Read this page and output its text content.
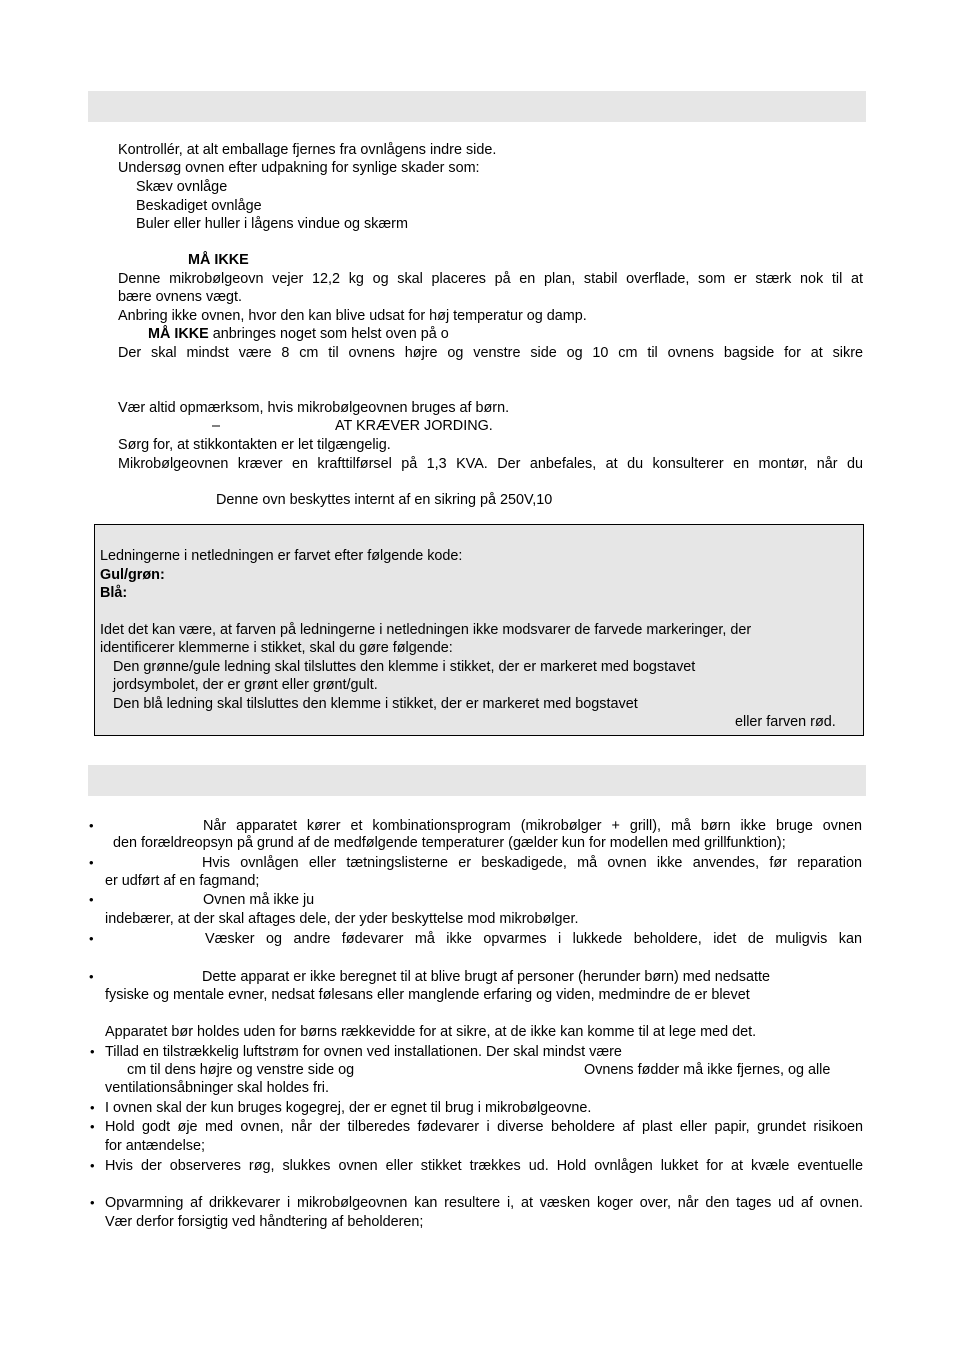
Kontrollér, at alt emballage fjernes fra ovnlågens indre side.
Undersøg ovnen efter udpakning for synlige skader som:
Skæv ovnlåge
Beskadiget ovnlåge
Buler eller huller i lågens vindue og skærm
MÅ IKKE
Denne mikrobølgeovn vejer 12,2 kg og skal placeres på en plan, stabil overflade, som er stærk nok til at
bære ovnens vægt.
Anbring ikke ovnen, hvor den kan blive udsat for høj temperatur og damp.
MÅ IKKE anbringes noget som helst oven på o
Der skal mindst være 8 cm til ovnens højre og venstre side og 10 cm til ovnens bagside for at sikre
Vær altid opmærksom, hvis mikrobølgeovnen bruges af børn.
–	AT KRÆVER JORDING.
Sørg for, at stikkontakten er let tilgængelig.
Mikrobølgeovnen kræver en krafttilførsel på 1,3 KVA. Der anbefales, at du konsulterer en montør, når du
Denne ovn beskyttes internt af en sikring på 250V,10
Ledningerne i netledningen er farvet efter følgende kode:
Gul/grøn:
Blå:
Idet det kan være, at farven på ledningerne i netledningen ikke modsvarer de farvede markeringer, der
identificerer klemmerne i stikket, skal du gøre følgende:
Den grønne/gule ledning skal tilsluttes den klemme i stikket, der er markeret med bogstavet
jordsymbolet, der er grønt eller grønt/gult.
Den blå ledning skal tilsluttes den klemme i stikket, der er markeret med bogstavet
eller farven rød.
•	Når apparatet kører et kombinationsprogram (mikrobølger + grill), må børn ikke bruge ovnen
den forældreopsyn på grund af de medfølgende temperaturer (gælder kun for modellen med grillfunktion);
•	Hvis ovnlågen eller tætningslisterne er beskadigede, må ovnen ikke anvendes, før reparation
er udført af en fagmand;
•	Ovnen må ikke ju
indebærer, at der skal aftages dele, der yder beskyttelse mod mikrobølger.
•	Væsker og andre fødevarer må ikke opvarmes i lukkede beholdere, idet de muligvis kan
•	Dette apparat er ikke beregnet til at blive brugt af personer (herunder børn) med nedsatte
fysiske og mentale evner, nedsat følesans eller manglende erfaring og viden, medmindre de er blevet
Apparatet bør holdes uden for børns rækkevidde for at sikre, at de ikke kan komme til at lege med det.
• Tillad en tilstrækkelig luftstrøm for ovnen ved installationen. Der skal mindst være
cm til dens højre og venstre side og	Ovnens fødder må ikke fjernes, og alle
ventilationsåbninger skal holdes fri.
• I ovnen skal der kun bruges kogegrej, der er egnet til brug i mikrobølgeovne.
• Hold godt øje med ovnen, når der tilberedes fødevarer i diverse beholdere af plast eller papir, grundet risikoen
for antændelse;
• Hvis der observeres røg, slukkes ovnen eller stikket trækkes ud. Hold ovnlågen lukket for at kvæle eventuelle
• Opvarmning af drikkevarer i mikrobølgeovnen kan resultere i, at væsken koger over, når den tages ud af ovnen.
Vær derfor forsigtig ved håndtering af beholderen;
